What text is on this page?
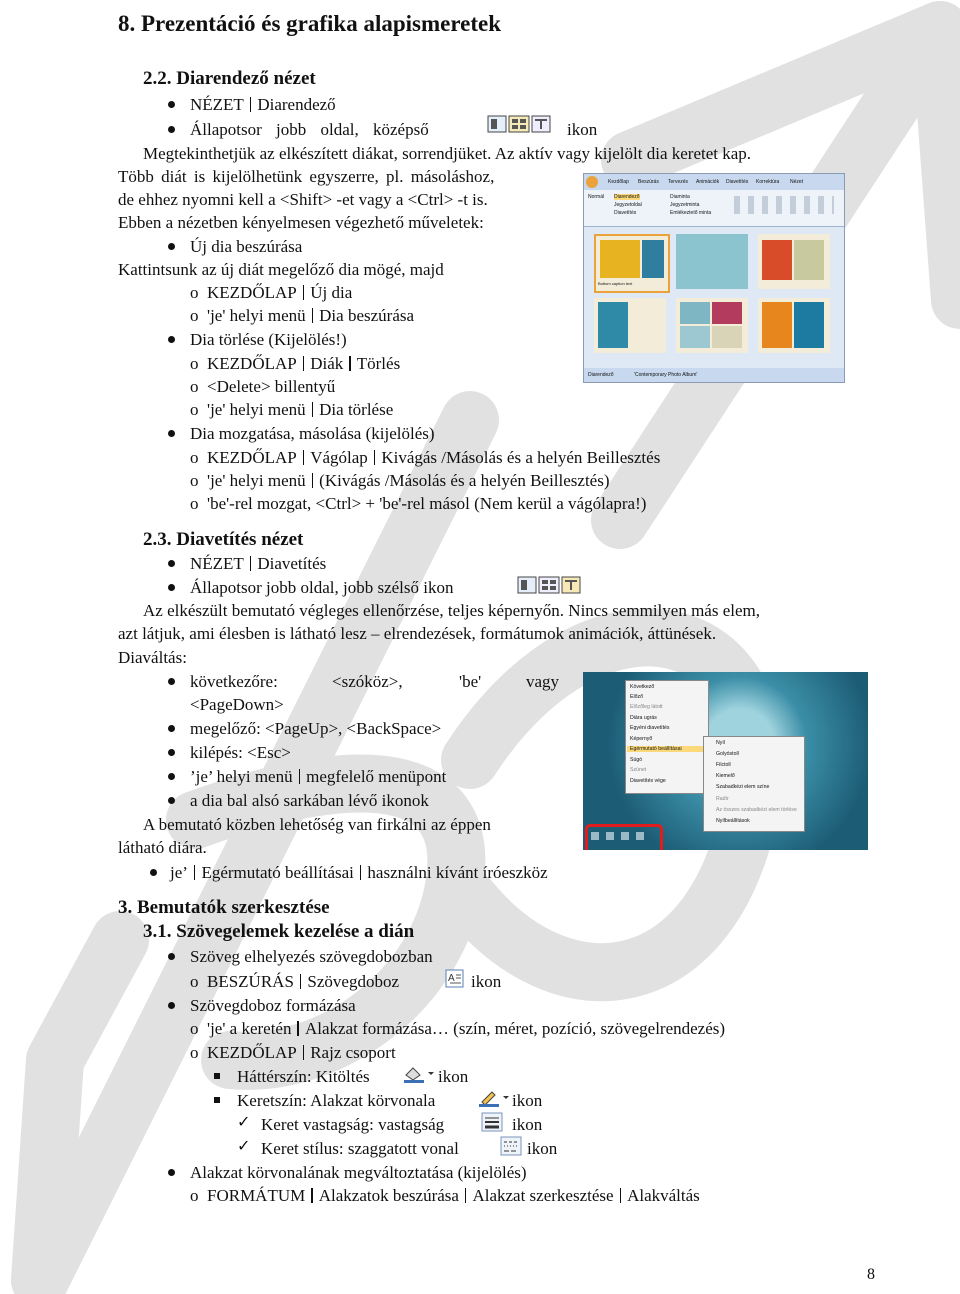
8. Prezentáció és grafika alapismeretek
2.2. Diarendező nézet
NÉZET Diarendező
Állapotsor jobb oldal, középső	ikon
Megtekinthetjük az elkészített diákat, sorrendjüket. Az aktív vagy kijelölt dia keretet kap.
Több diát is kijelölhetünk egyszerre, pl. másoláshoz,
de ehhez nyomni kell a <Shift> -et vagy a <Ctrl> -t is.
Ebben a nézetben kényelmesen végezhető műveletek:
Új dia beszúrása
Kattintsunk az új diát megelőző dia mögé, majd
o  KEZDŐLAP Új dia
o  'je' helyi menü Dia beszúrása
Dia törlése (Kijelölés!)
o  KEZDŐLAP Diák Törlés
o  <Delete> billentyű
o  'je' helyi menü Dia törlése
Dia mozgatása, másolása (kijelölés)
o  KEZDŐLAP Vágólap Kivágás /Másolás és a helyén Beillesztés
o  'je' helyi menü (Kivágás /Másolás és a helyén Beillesztés)
o  'be'-rel mozgat, <Ctrl> + 'be'-rel másol (Nem kerül a vágólapra!)
Kezdőlap Beszúrás Tervezés Animációk Diavetítés Korrektúra Nézet
Normál Diarendező
Jegyzetoldal
Diavetítés
Diaminta
Jegyzetminta
Emlékeztető minta
Bottom caption text
Diarendező	'Contemporary Photo Album'
2.3. Diavetítés nézet
NÉZET Diavetítés
Állapotsor jobb oldal, jobb szélső ikon
Az elkészült bemutató végleges ellenőrzése, teljes képernyőn. Nincs semmilyen más elem,
azt látjuk, ami élesben is látható lesz – elrendezések, formátumok animációk, áttünések.
Diaváltás:
következőre:	<szóköz>,	'be'	vagy
<PageDown>
megelőző: <PageUp>, <BackSpace>
kilépés: <Esc>
’je’ helyi menü megfelelő menüpont
a dia bal alsó sarkában lévő ikonok
A bemutató közben lehetőség van firkálni az éppen
látható diára.
je’ Egérmutató beállításai használni kívánt íróeszköz
Következő
Előző
Előzőleg látott
Diára ugrás
Egyéni diavetítés
Képernyő
Egérmutató beállításai
Súgó
Szünet
Diavetítés vége
Nyíl
Golyóstoll
Filctoll
Kiemelő
Szabadkézi elem színe
Radír
Az összes szabadkézi elem törlése
Nyílbeállítások
3. Bemutatók szerkesztése
3.1. Szövegelemek kezelése a dián
Szöveg elhelyezés szövegdobozban
o  BESZÚRÁS Szövegdoboz	A ikon
Szövegdoboz formázása
o  'je' a keretén Alakzat formázása… (szín, méret, pozíció, szövegelrendezés)
o  KEZDŐLAP Rajz csoport
Háttérszín: Kitöltés	ikon
Keretszín: Alakzat körvonala	ikon
✓ Keret vastagság: vastagság	ikon
✓ Keret stílus: szaggatott vonal	ikon
Alakzat körvonalának megváltoztatása (kijelölés)
o  FORMÁTUM Alakzatok beszúrása Alakzat szerkesztése Alakváltás
8
